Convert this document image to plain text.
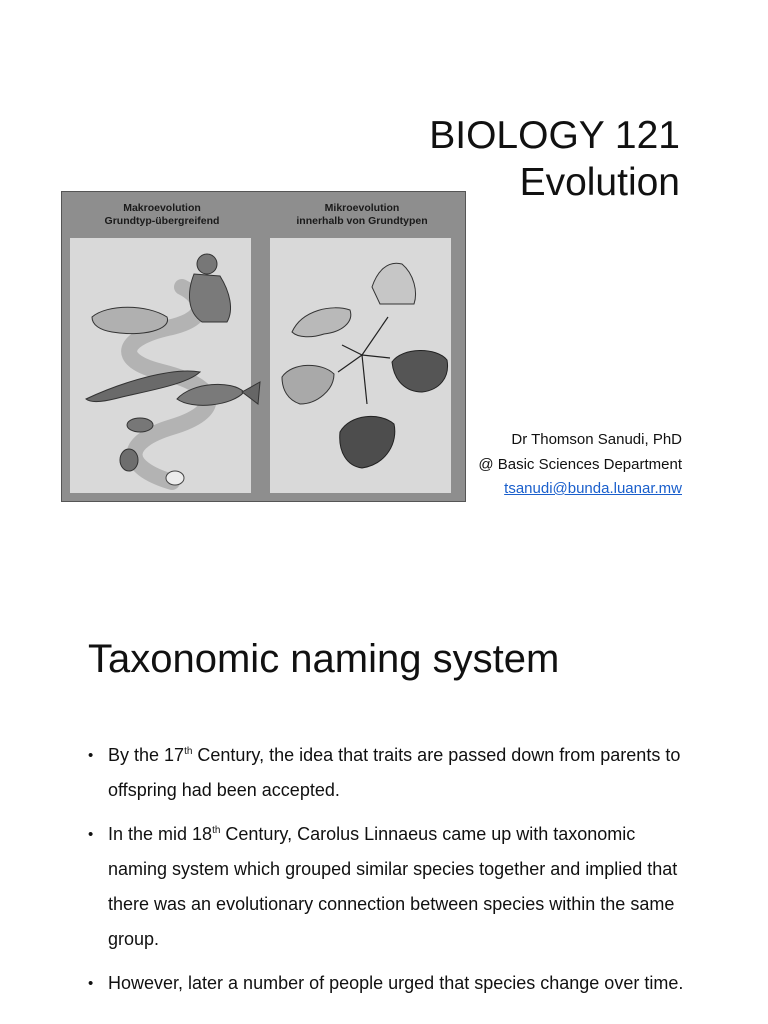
BIOLOGY 121
Evolution
Makroevolution
Grundtyp-übergreifend
Mikroevolution
innerhalb von Grundtypen
Dr Thomson Sanudi, PhD
@ Basic Sciences Department
tsanudi@bunda.luanar.mw
Taxonomic naming system
• By the 17th Century, the idea that traits are passed down from parents to offspring had been accepted.
• In the mid 18th Century, Carolus Linnaeus came up with taxonomic naming system which grouped similar species together and implied that there was an evolutionary connection between species within the same group.
• However, later a number of people urged that species change over time.
